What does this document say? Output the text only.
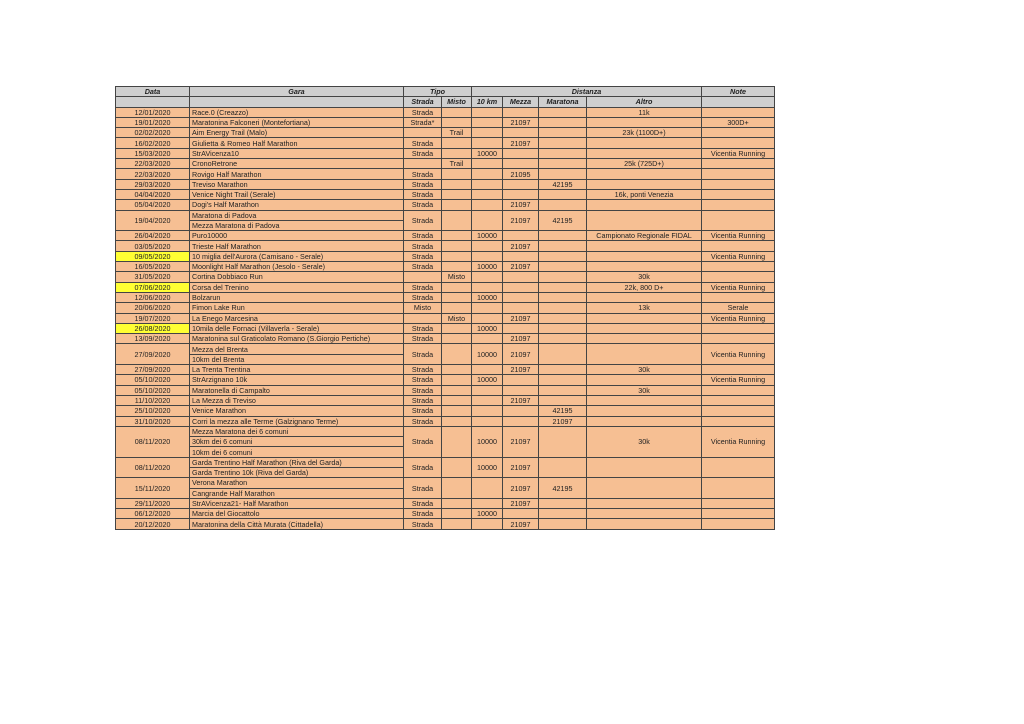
Data	Gara	Tipo		Distanza				Note
		Strada	Misto	10 km	Mezza	Maratona	Altro	
12/01/2020	Race.0 (Creazzo)	Strada					11k	
19/01/2020	Maratonina Falconeri (Montefortiana)	Strada*			21097			300D+
02/02/2020	Aim Energy Trail (Malo)		Trail				23k (1100D+)	
16/02/2020	Giulietta & Romeo Half Marathon	Strada			21097			
15/03/2020	StrAVicenza10	Strada		10000				Vicentia Running
22/03/2020	CronoRetrone		Trail				25k (725D+)	
22/03/2020	Rovigo Half Marathon	Strada			21095			
29/03/2020	Treviso Marathon	Strada				42195		
04/04/2020	Venice Night Trail (Serale)	Strada					16k, ponti Venezia	
05/04/2020	Dogi's Half Marathon	Strada			21097			
19/04/2020	Maratona di Padova	Strada			21097	42195		
	Mezza Maratona di Padova							
26/04/2020	Puro10000	Strada		10000			Campionato Regionale FIDAL	Vicentia Running
03/05/2020	Trieste Half Marathon	Strada			21097			
09/05/2020	10 miglia dell'Aurora (Camisano - Serale)	Strada						Vicentia Running
16/05/2020	Moonlight Half Marathon (Jesolo - Serale)	Strada		10000	21097			
31/05/2020	Cortina Dobbiaco Run		Misto				30k	
07/06/2020	Corsa del Trenino	Strada					22k, 800 D+	Vicentia Running
12/06/2020	Bolzarun	Strada		10000				
20/06/2020	Fimon Lake Run	Misto					13k	Serale
19/07/2020	La Enego Marcesina		Misto		21097			Vicentia Running
26/08/2020	10mila delle Fornaci (Villaverla - Serale)	Strada		10000				
13/09/2020	Maratonina sul Graticolato Romano (S.Giorgio Pertiche)	Strada			21097			
27/09/2020	Mezza del Brenta	Strada		10000	21097			Vicentia Running
	10km del Brenta							
27/09/2020	La Trenta Trentina	Strada			21097		30k	
05/10/2020	StrArzignano 10k	Strada		10000				Vicentia Running
05/10/2020	Maratonella di Campalto	Strada					30k	
11/10/2020	La Mezza di Treviso	Strada			21097			
25/10/2020	Venice Marathon	Strada				42195		
31/10/2020	Corri la mezza alle Terme (Galzignano Terme)	Strada				21097		
08/11/2020	Mezza Maratona dei 6 comuni	Strada		10000	21097		30k	Vicentia Running
	30km dei 6 comuni							
	10km dei 6 comuni							
08/11/2020	Garda Trentino Half Marathon (Riva del Garda)	Strada		10000	21097			
	Garda Trentino 10k (Riva del Garda)							
15/11/2020	Verona Marathon	Strada			21097	42195		
	Cangrande Half Marathon							
29/11/2020	StrAVicenza21- Half Marathon	Strada			21097			
06/12/2020	Marcia del Giocattolo	Strada		10000				
20/12/2020	Maratonina della Città Murata (Cittadella)	Strada			21097			
